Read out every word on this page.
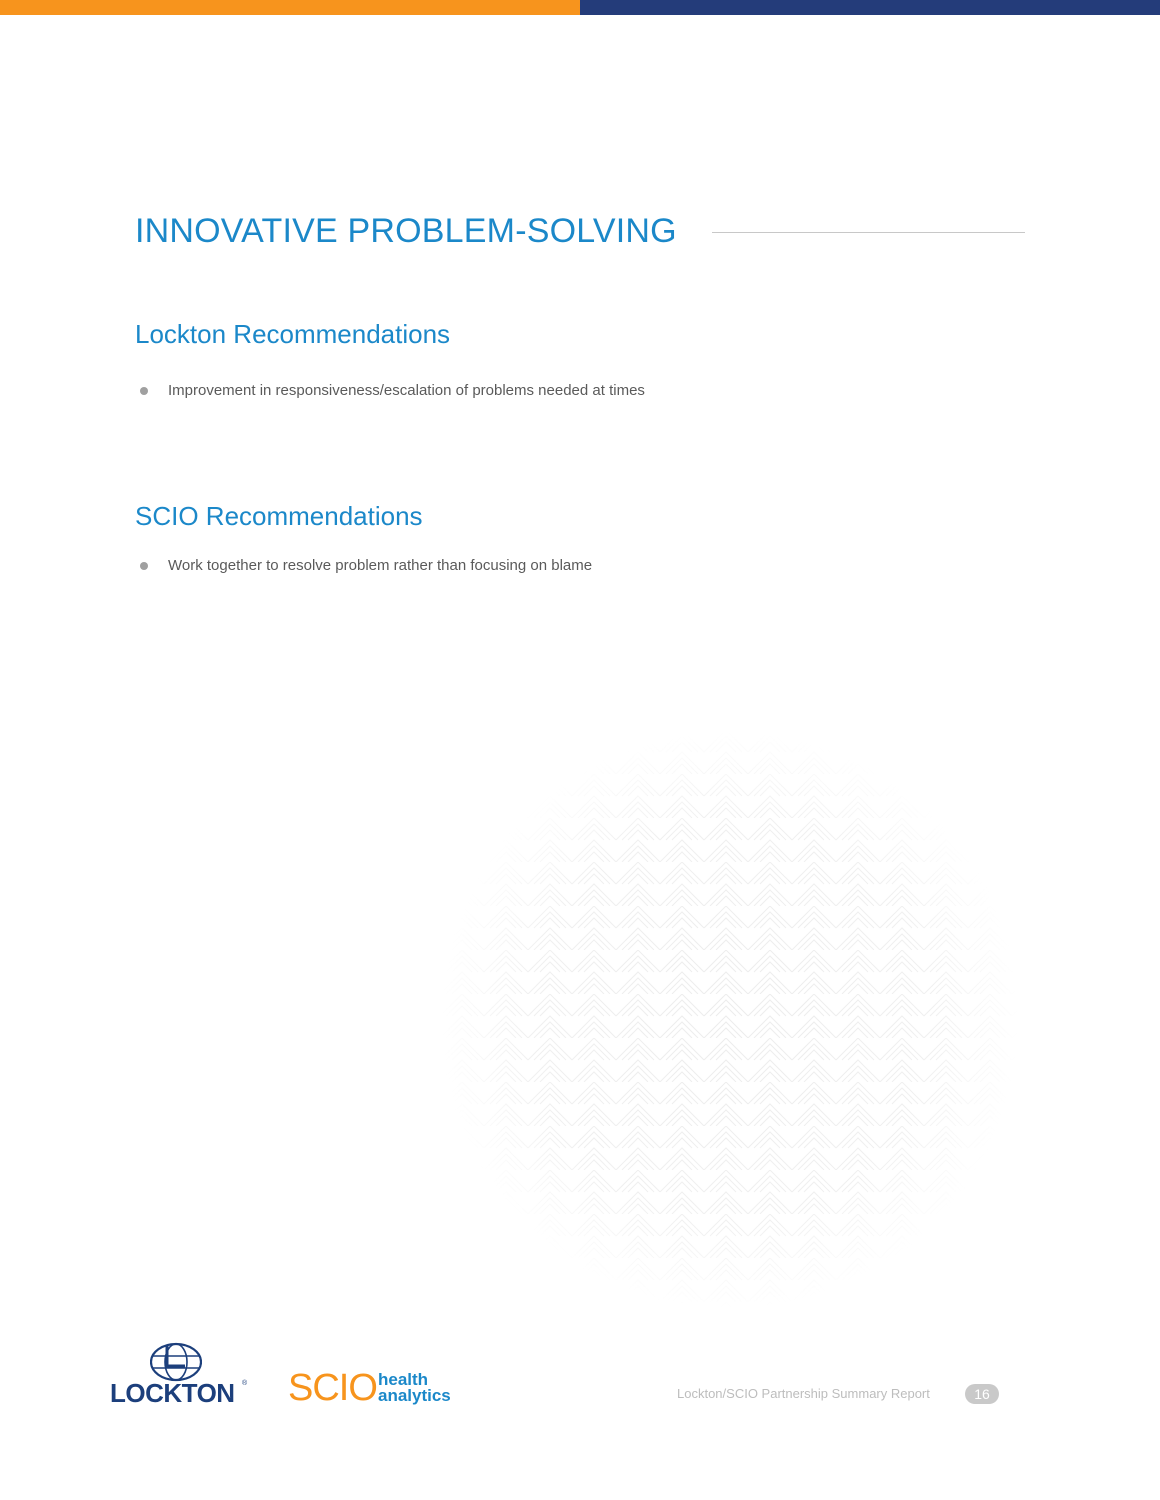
INNOVATIVE PROBLEM-SOLVING
Lockton Recommendations
Improvement in responsiveness/escalation of problems needed at times
SCIO Recommendations
Work together to resolve problem rather than focusing on blame
LOCKTON ® SCIO health
analytics	Lockton/SCIO Partnership Summary Report	16
